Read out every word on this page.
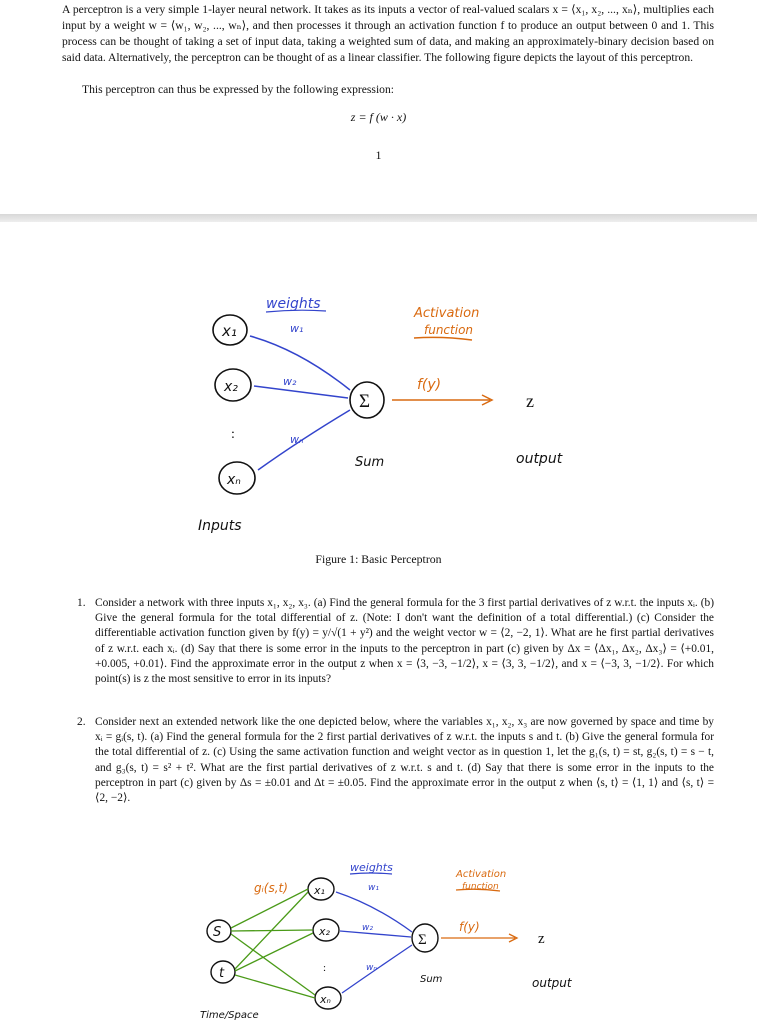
A perceptron is a very simple 1-layer neural network. It takes as its inputs a vector of real-valued scalars x = ⟨x₁, x₂, ..., xₙ⟩, multiplies each input by a weight w = ⟨w₁, w₂, ..., wₙ⟩, and then processes it through an activation function f to produce an output between 0 and 1. This process can be thought of taking a set of input data, taking a weighted sum of data, and making an approximately-binary decision based on said data. Alternatively, the perceptron can be thought of as a linear classifier. The following figure depicts the layout of this perceptron.

This perceptron can thus be expressed by the following expression:

z = f (w · x)
1
x₁
x₂
xₙ
:
Inputs
weights
w₁
w₂
wₙ
Σ
Sum
Activation
function
f(y)
z
output
Figure 1: Basic Perceptron
1. Consider a network with three inputs x₁, x₂, x₃. (a) Find the general formula for the 3 first partial derivatives of z w.r.t. the inputs xᵢ. (b) Give the general formula for the total differential of z. (Note: I don't want the definition of a total differential.) (c) Consider the differentiable activation function given by f(y) = y/√(1 + y²) and the weight vector w = ⟨2, −2, 1⟩. What are he first partial derivatives of z w.r.t. each xᵢ. (d) Say that there is some error in the inputs to the perceptron in part (c) given by Δx = ⟨Δx₁, Δx₂, Δx₃⟩ = ⟨+0.01, +0.005, +0.01⟩. Find the approximate error in the output z when x = ⟨3, −3, −1/2⟩, x = ⟨3, 3, −1/2⟩, and x = ⟨−3, 3, −1/2⟩. For which point(s) is z the most sensitive to error in its inputs?
2. Consider next an extended network like the one depicted below, where the variables x₁, x₂, x₃ are now governed by space and time by xᵢ = gᵢ(s, t). (a) Find the general formula for the 2 first partial derivatives of z w.r.t. the inputs s and t. (b) Give the general formula for the total differential of z. (c) Using the same activation function and weight vector as in question 1, let the g₁(s, t) = st, g₂(s, t) = s − t, and g₃(s, t) = s² + t². What are the first partial derivatives of z w.r.t. s and t. (d) Say that there is some error in the inputs to the perceptron in part (c) given by Δs = ±0.01 and Δt = ±0.05. Find the approximate error in the output z when ⟨s, t⟩ = ⟨1, 1⟩ and ⟨s, t⟩ = ⟨2, −2⟩.
gᵢ(s,t)
S
t
Time/Space
x₁
x₂
xₙ
:
weights
w₁
w₂
wₙ
Σ
Sum
Activation
function
f(y)
z
output
